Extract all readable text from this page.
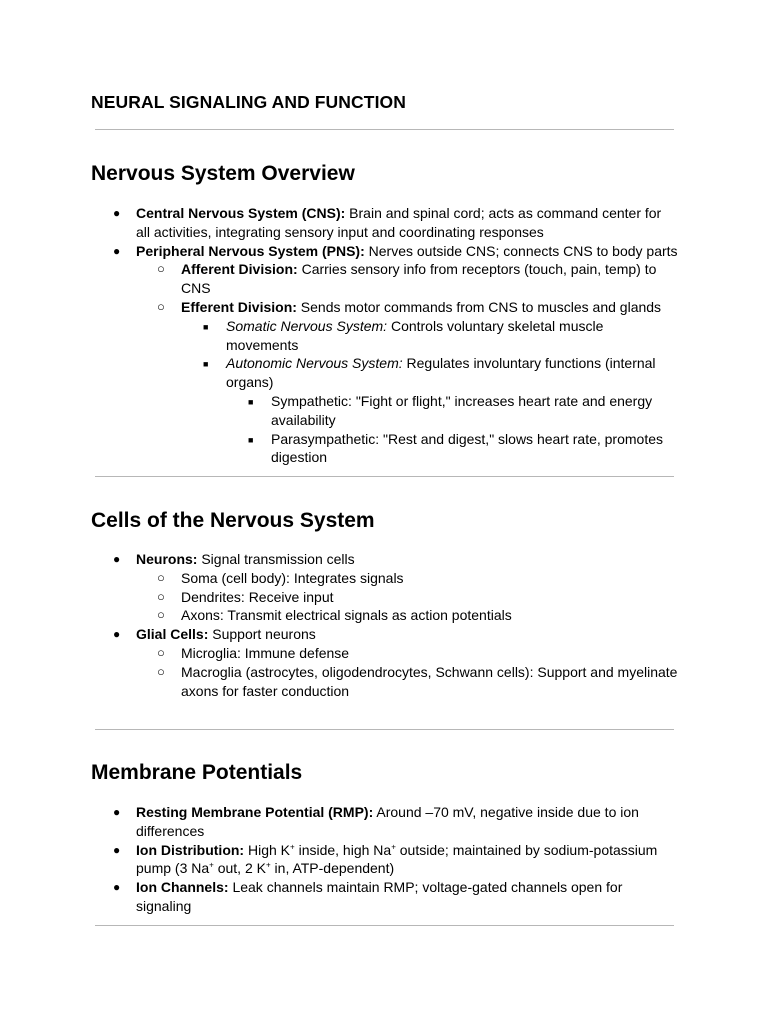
NEURAL SIGNALING AND FUNCTION
Nervous System Overview
● Central Nervous System (CNS): Brain and spinal cord; acts as command center for all activities, integrating sensory input and coordinating responses
● Peripheral Nervous System (PNS): Nerves outside CNS; connects CNS to body parts
○ Afferent Division: Carries sensory info from receptors (touch, pain, temp) to CNS
○ Efferent Division: Sends motor commands from CNS to muscles and glands
■ Somatic Nervous System: Controls voluntary skeletal muscle movements
■ Autonomic Nervous System: Regulates involuntary functions (internal organs)
■ Sympathetic: "Fight or flight," increases heart rate and energy availability
■ Parasympathetic: "Rest and digest," slows heart rate, promotes digestion
Cells of the Nervous System
● Neurons: Signal transmission cells
○ Soma (cell body): Integrates signals
○ Dendrites: Receive input
○ Axons: Transmit electrical signals as action potentials
● Glial Cells: Support neurons
○ Microglia: Immune defense
○ Macroglia (astrocytes, oligodendrocytes, Schwann cells): Support and myelinate axons for faster conduction
Membrane Potentials
● Resting Membrane Potential (RMP): Around –70 mV, negative inside due to ion differences
● Ion Distribution: High K+ inside, high Na+ outside; maintained by sodium-potassium pump (3 Na+ out, 2 K+ in, ATP-dependent)
● Ion Channels: Leak channels maintain RMP; voltage-gated channels open for signaling
